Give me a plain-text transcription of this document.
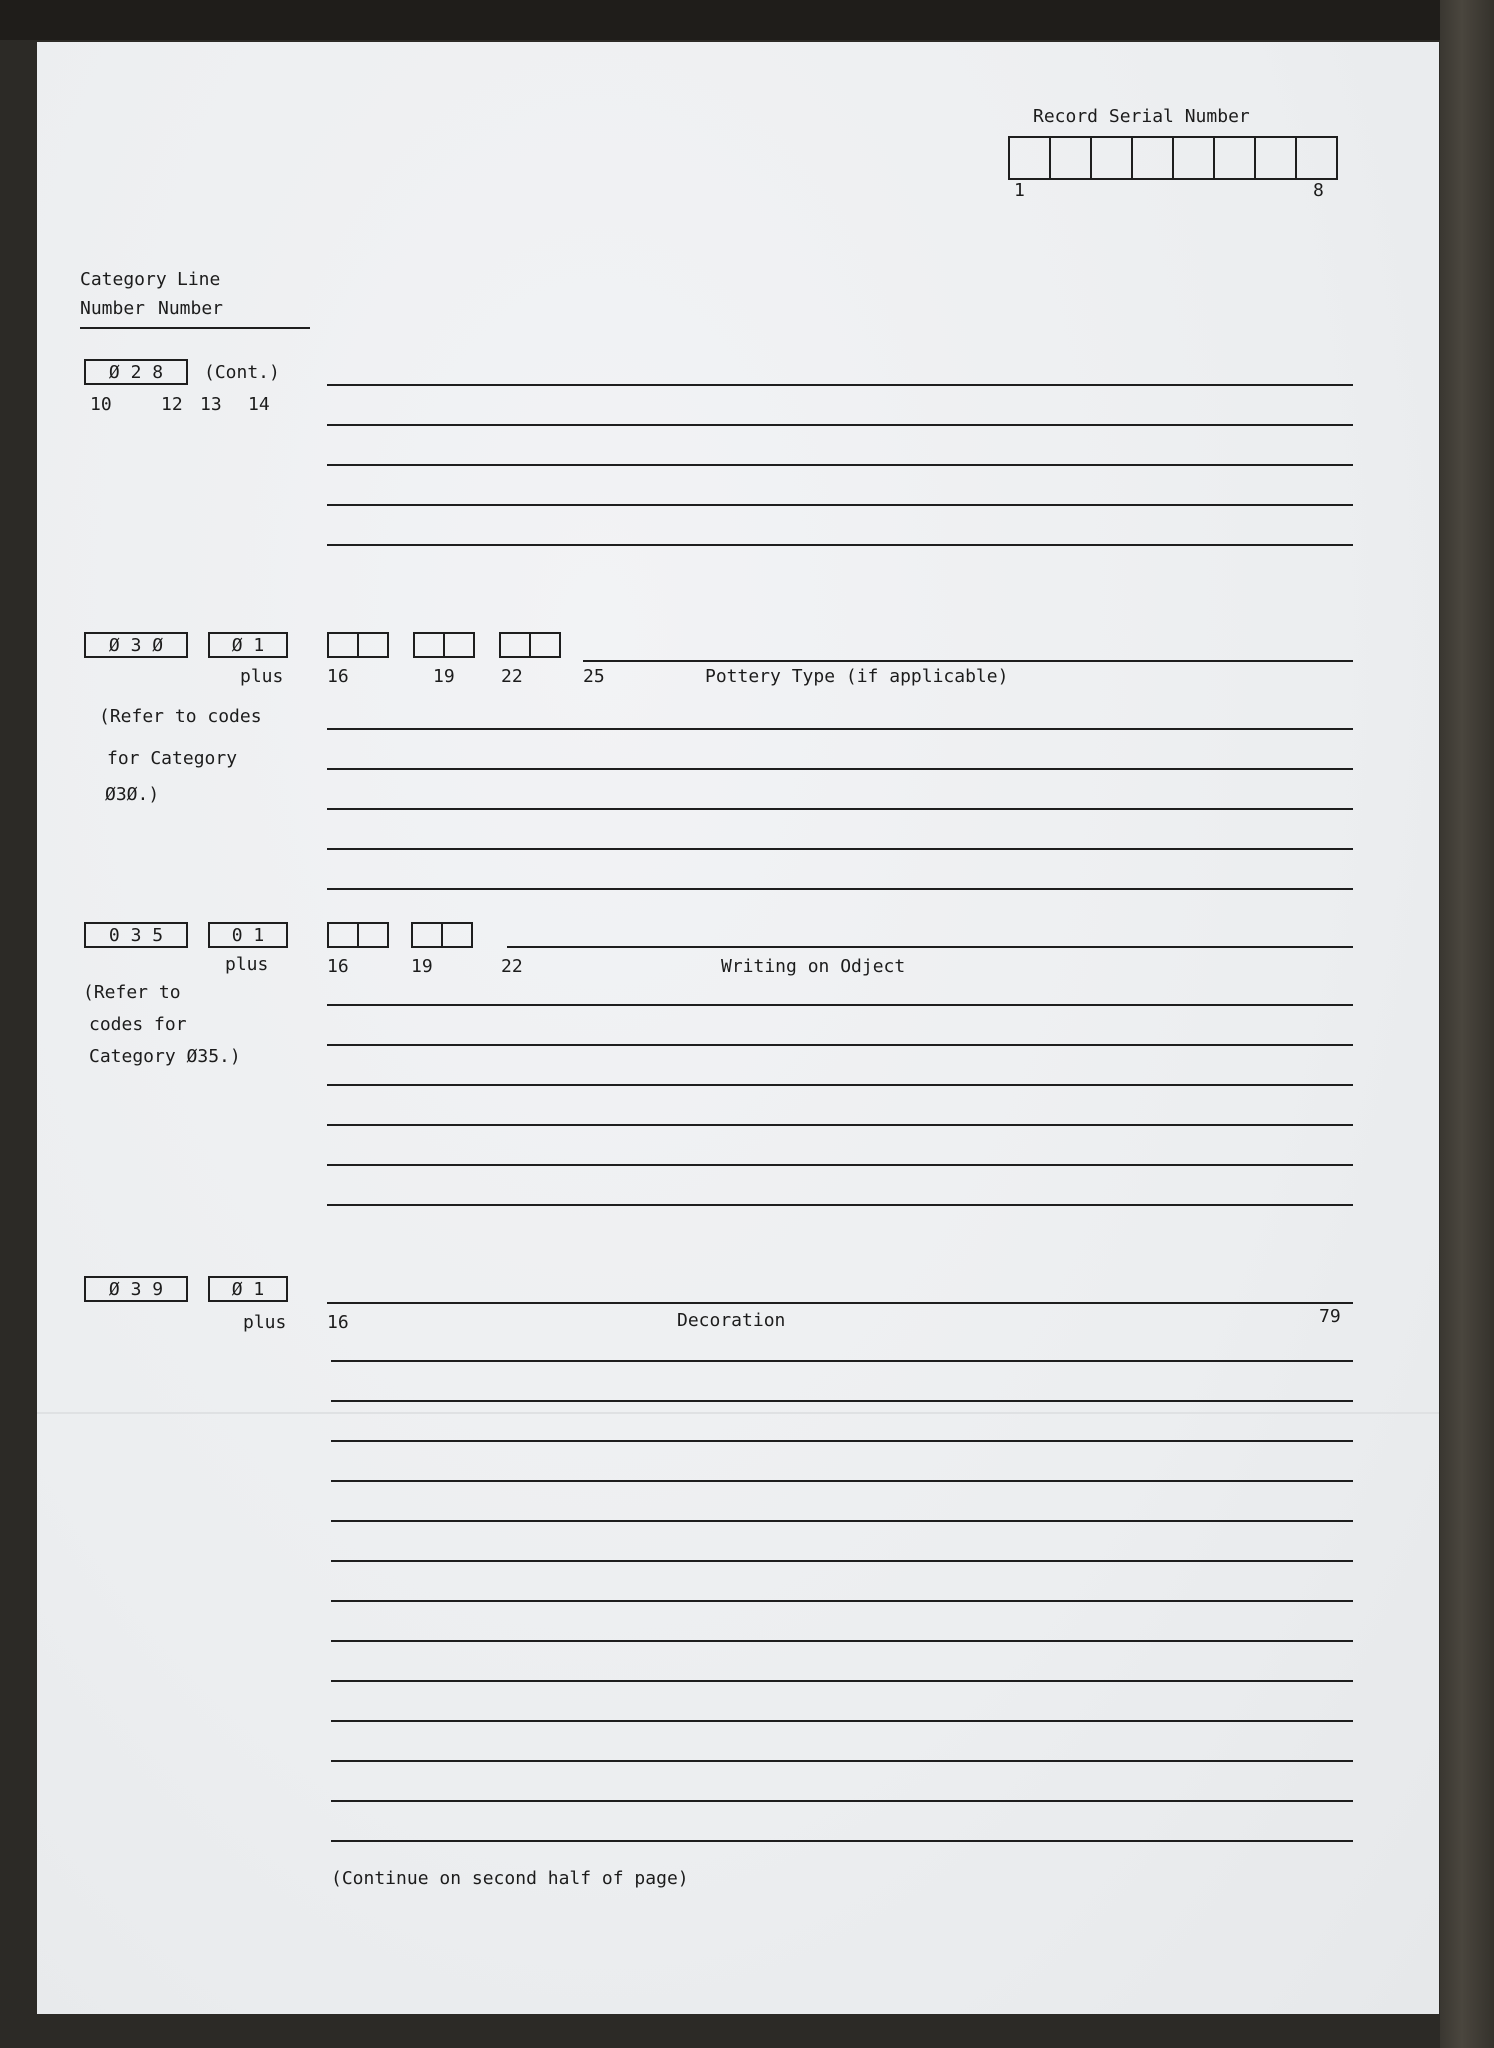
Record Serial Number
1	8
Category Line
Number Number
Ø 2 8	(Cont.)
10	12 13 14
Ø 3 Ø	Ø 1
plus 16	19	22	25	Pottery Type (if applicable)
(Refer to codes
for Category
Ø3Ø.)
0 3 5	0 1
plus	16	19	22	Writing on Odject
(Refer to
codes for
Category Ø35.)
Ø 3 9	Ø 1
plus 16	Decoration	79
(Continue on second half of page)
